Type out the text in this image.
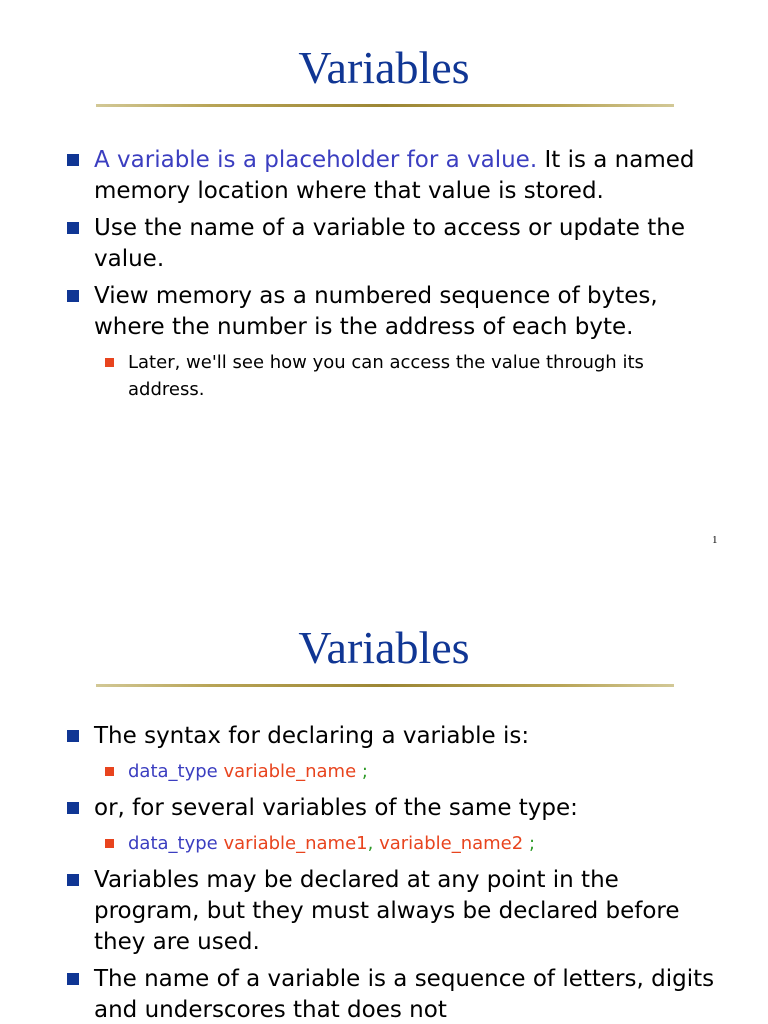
Variables
A variable is a placeholder for a value. It is a named memory location where that value is stored.
Use the name of a variable to access or update the value.
View memory as a numbered sequence of bytes, where the number is the address of each byte.
Later, we'll see how you can access the value through its address.
1
Variables
The syntax for declaring a variable is:
data_type variable_name ;
or, for several variables of the same type:
data_type variable_name1, variable_name2 ;
Variables may be declared at any point in the program, but they must always be declared before they are used.
The name of a variable is a sequence of letters, digits and underscores that does not
